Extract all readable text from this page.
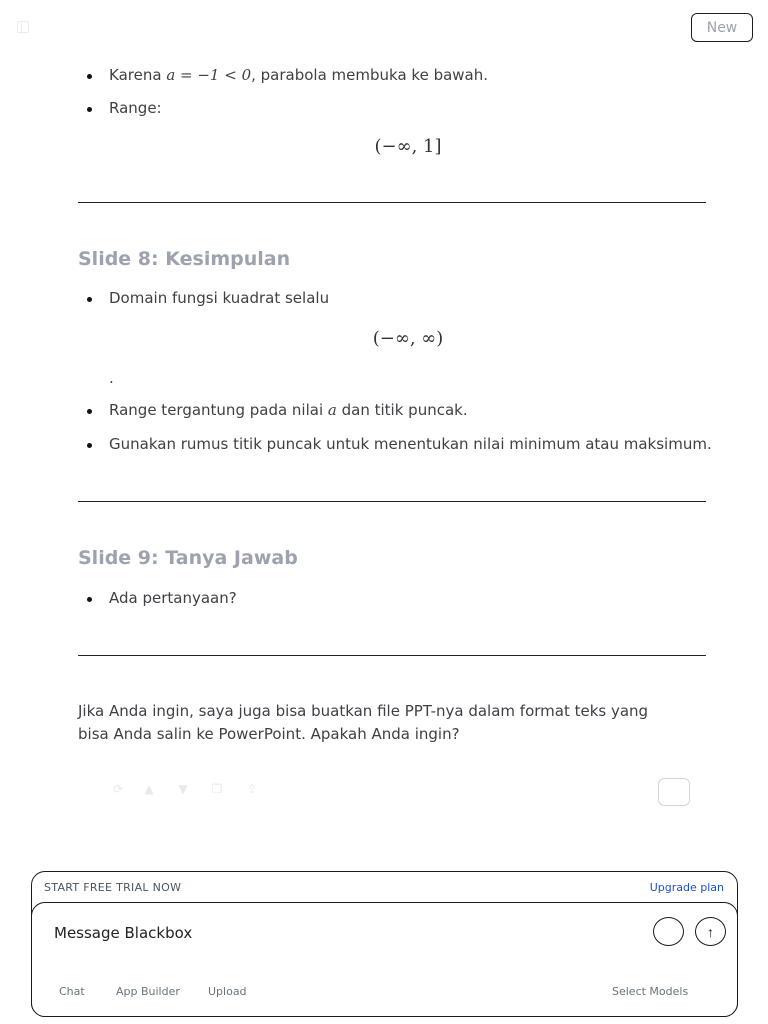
New
Karena a = −1 < 0, parabola membuka ke bawah.
Range:
(−∞, 1]
Slide 8: Kesimpulan
Domain fungsi kuadrat selalu
(−∞, ∞)
.
Range tergantung pada nilai a dan titik puncak.
Gunakan rumus titik puncak untuk menentukan nilai minimum atau maksimum.
Slide 9: Tanya Jawab
Ada pertanyaan?

Jika Anda ingin, saya juga bisa buatkan file PPT-nya dalam format teks yang bisa Anda salin ke PowerPoint. Apakah Anda ingin?

⟳ ▲ ▼ ❐ ⇪
START FREE TRIAL NOW	Upgrade plan
Message Blackbox
↑
Chat	App Builder	Upload	Select Models
